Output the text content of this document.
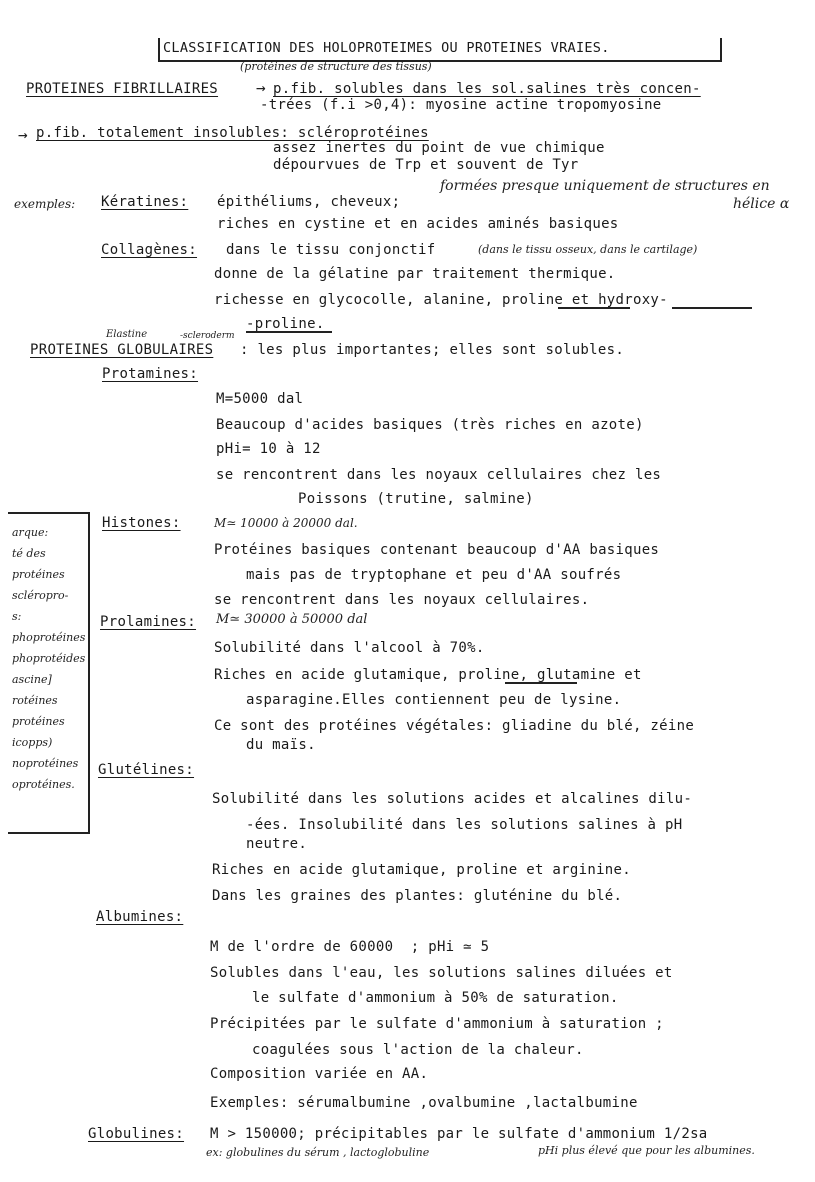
CLASSIFICATION DES HOLOPROTEIMES OU PROTEINES VRAIES.
(protéines de structure des tissus)
PROTEINES FIBRILLAIRES → p.fib. solubles dans les sol.salines très concen-
-trées (f.i >0,4): myosine actine tropomyosine
→ p.fib. totalement insolubles: scléroprotéines
assez inertes du point de vue chimique
dépourvues de Trp et souvent de Tyr
exemples: Kératines: épithéliums, cheveux;
formées presque uniquement de structures en
hélice α
riches en cystine et en acides aminés basiques
Collagènes: dans le tissu conjonctif	(dans le tissu osseux, dans le cartilage)
donne de la gélatine par traitement thermique.
richesse en glycocolle, alanine, proline et hydroxy-
-proline.
Elastine	-scleroderm
PROTEINES GLOBULAIRES : les plus importantes; elles sont solubles.
Protamines:
M=5000 dal
Beaucoup d'acides basiques (très riches en azote)
pHi= 10 à 12
se rencontrent dans les noyaux cellulaires chez les
Poissons (trutine, salmine)
arque:
té des
protéines
scléropro-
s:
phoprotéines
phoprotéides
ascine]
rotéines
protéines
icopps)
noprotéines
oprotéines.
Histones:	M≃ 10000 à 20000 dal.
Protéines basiques contenant beaucoup d'AA basiques
mais pas de tryptophane et peu d'AA soufrés
se rencontrent dans les noyaux cellulaires.
Prolamines: M≃ 30000 à 50000 dal
Solubilité dans l'alcool à 70%.
Riches en acide glutamique, proline, glutamine et
asparagine.Elles contiennent peu de lysine.
Ce sont des protéines végétales: gliadine du blé, zéine
du maïs.
Glutélines:
Solubilité dans les solutions acides et alcalines dilu-
-ées. Insolubilité dans les solutions salines à pH
neutre.
Riches en acide glutamique, proline et arginine.
Dans les graines des plantes: gluténine du blé.
Albumines:
M de l'ordre de 60000  ; pHi ≃ 5
Solubles dans l'eau, les solutions salines diluées et
le sulfate d'ammonium à 50% de saturation.
Précipitées par le sulfate d'ammonium à saturation ;
coagulées sous l'action de la chaleur.
Composition variée en AA.
Exemples: sérumalbumine ,ovalbumine ,lactalbumine
Globulines: M > 150000; précipitables par le sulfate d'ammonium 1/2sa
ex: globulines du sérum , lactoglobuline	pHi plus élevé que pour les albumines.
